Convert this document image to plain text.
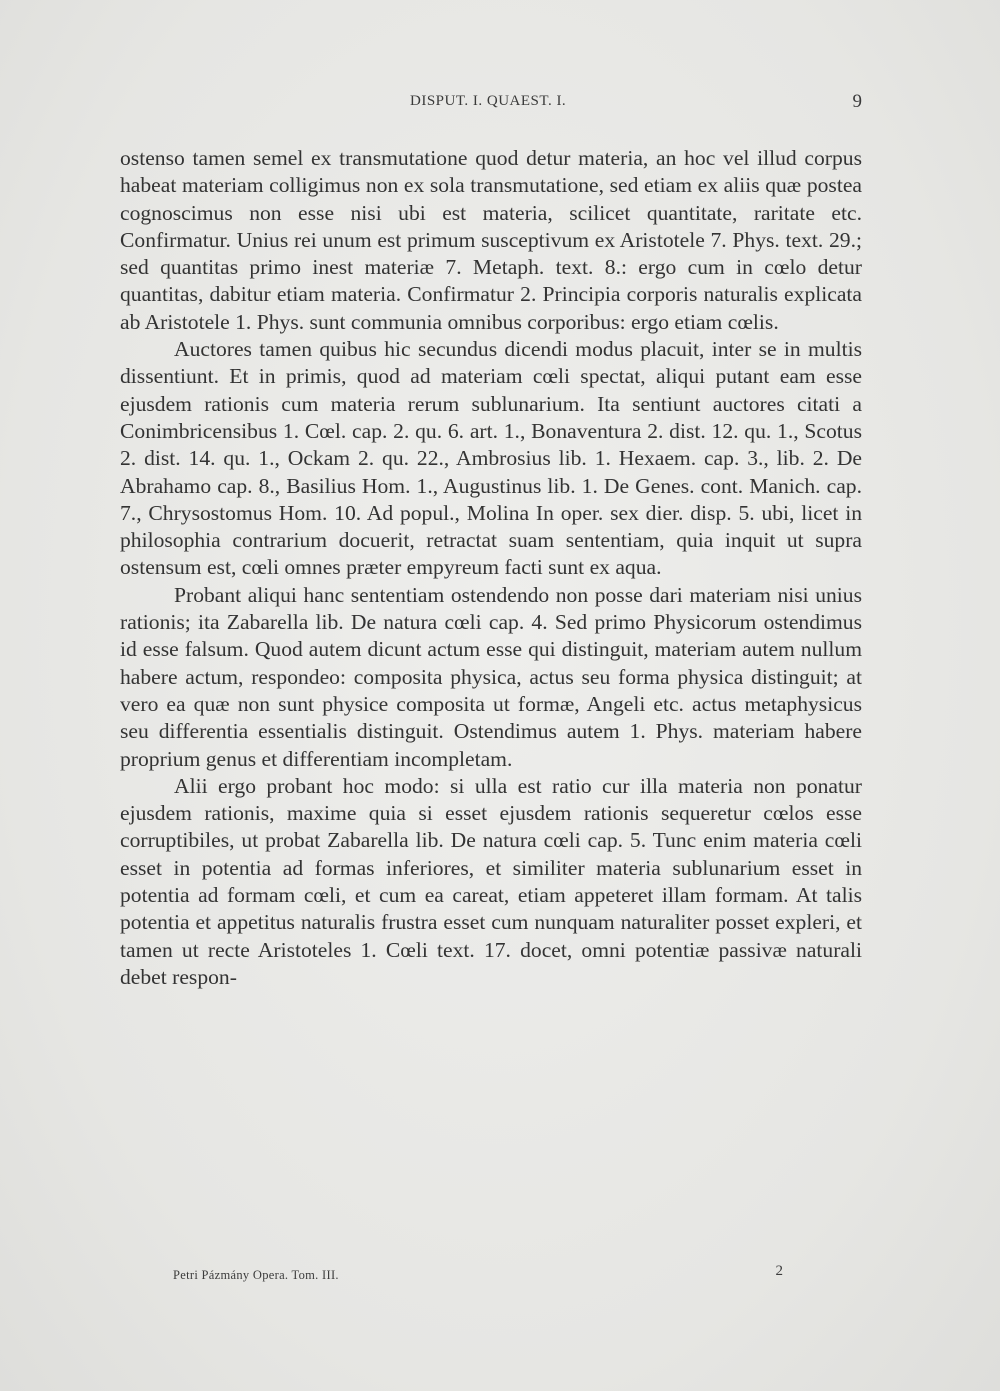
DISPUT. I. QUAEST. I.	9

ostenso tamen semel ex transmutatione quod detur materia, an hoc vel illud corpus habeat materiam colligimus non ex sola transmutatione, sed etiam ex aliis quæ postea cognoscimus non esse nisi ubi est materia, scilicet quantitate, raritate etc. Confirmatur. Unius rei unum est primum susceptivum ex Aristotele 7. Phys. text. 29.; sed quantitas primo inest materiæ 7. Metaph. text. 8.: ergo cum in cœlo detur quantitas, dabitur etiam materia. Confirmatur 2. Principia corporis naturalis explicata ab Aristotele 1. Phys. sunt communia omnibus corporibus: ergo etiam cœlis.

Auctores tamen quibus hic secundus dicendi modus placuit, inter se in multis dissentiunt. Et in primis, quod ad materiam cœli spectat, aliqui putant eam esse ejusdem rationis cum materia rerum sublunarium. Ita sentiunt auctores citati a Conimbricensibus 1. Cœl. cap. 2. qu. 6. art. 1., Bonaventura 2. dist. 12. qu. 1., Scotus 2. dist. 14. qu. 1., Ockam 2. qu. 22., Ambrosius lib. 1. Hexaem. cap. 3., lib. 2. De Abrahamo cap. 8., Basilius Hom. 1., Augustinus lib. 1. De Genes. cont. Manich. cap. 7., Chrysostomus Hom. 10. Ad popul., Molina In oper. sex dier. disp. 5. ubi, licet in philosophia contrarium docuerit, retractat suam sententiam, quia inquit ut supra ostensum est, cœli omnes præter empyreum facti sunt ex aqua.

Probant aliqui hanc sententiam ostendendo non posse dari materiam nisi unius rationis; ita Zabarella lib. De natura cœli cap. 4. Sed primo Physicorum ostendimus id esse falsum. Quod autem dicunt actum esse qui distinguit, materiam autem nullum habere actum, respondeo: composita physica, actus seu forma physica distinguit; at vero ea quæ non sunt physice composita ut formæ, Angeli etc. actus metaphysicus seu differentia essentialis distinguit. Ostendimus autem 1. Phys. materiam habere proprium genus et differentiam incompletam.

Alii ergo probant hoc modo: si ulla est ratio cur illa materia non ponatur ejusdem rationis, maxime quia si esset ejusdem rationis sequeretur cœlos esse corruptibiles, ut probat Zabarella lib. De natura cœli cap. 5. Tunc enim materia cœli esset in potentia ad formas inferiores, et similiter materia sublunarium esset in potentia ad formam cœli, et cum ea careat, etiam appeteret illam formam. At talis potentia et appetitus naturalis frustra esset cum nunquam naturaliter posset expleri, et tamen ut recte Aristoteles 1. Cœli text. 17. docet, omni potentiæ passivæ naturali debet respon-

Petri Pázmány Opera. Tom. III.	2
